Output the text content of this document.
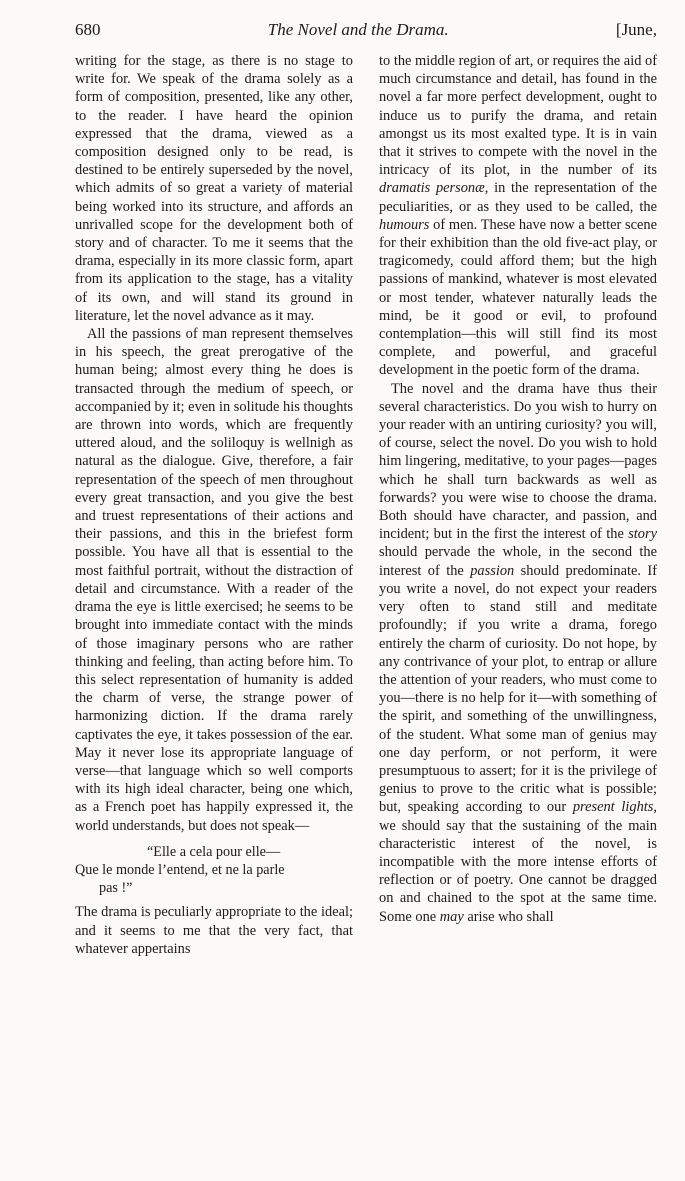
680	The Novel and the Drama.	[June,

writing for the stage, as there is no stage to write for. We speak of the drama solely as a form of composition, presented, like any other, to the reader. I have heard the opinion expressed that the drama, viewed as a composition designed only to be read, is destined to be entirely superseded by the novel, which admits of so great a variety of material being worked into its structure, and affords an unrivalled scope for the development both of story and of character. To me it seems that the drama, especially in its more classic form, apart from its application to the stage, has a vitality of its own, and will stand its ground in literature, let the novel advance as it may.

All the passions of man represent themselves in his speech, the great prerogative of the human being; almost every thing he does is transacted through the medium of speech, or accompanied by it; even in solitude his thoughts are thrown into words, which are frequently uttered aloud, and the soliloquy is wellnigh as natural as the dialogue. Give, therefore, a fair representation of the speech of men throughout every great transaction, and you give the best and truest representations of their actions and their passions, and this in the briefest form possible. You have all that is essential to the most faithful portrait, without the distraction of detail and circumstance. With a reader of the drama the eye is little exercised; he seems to be brought into immediate contact with the minds of those imaginary persons who are rather thinking and feeling, than acting before him. To this select representation of humanity is added the charm of verse, the strange power of harmonizing diction. If the drama rarely captivates the eye, it takes possession of the ear. May it never lose its appropriate language of verse—that language which so well comports with its high ideal character, being one which, as a French poet has happily expressed it, the world understands, but does not speak—

“Elle a cela pour elle—
Que le monde l’entend, et ne la parle
pas !”

The drama is peculiarly appropriate to the ideal; and it seems to me that the very fact, that whatever appertains

to the middle region of art, or requires the aid of much circumstance and detail, has found in the novel a far more perfect development, ought to induce us to purify the drama, and retain amongst us its most exalted type. It is in vain that it strives to compete with the novel in the intricacy of its plot, in the number of its dramatis personæ, in the representation of the peculiarities, or as they used to be called, the humours of men. These have now a better scene for their exhibition than the old five-act play, or tragicomedy, could afford them; but the high passions of mankind, whatever is most elevated or most tender, whatever naturally leads the mind, be it good or evil, to profound contemplation—this will still find its most complete, and powerful, and graceful development in the poetic form of the drama.

The novel and the drama have thus their several characteristics. Do you wish to hurry on your reader with an untiring curiosity? you will, of course, select the novel. Do you wish to hold him lingering, meditative, to your pages—pages which he shall turn backwards as well as forwards? you were wise to choose the drama. Both should have character, and passion, and incident; but in the first the interest of the story should pervade the whole, in the second the interest of the passion should predominate. If you write a novel, do not expect your readers very often to stand still and meditate profoundly; if you write a drama, forego entirely the charm of curiosity. Do not hope, by any contrivance of your plot, to entrap or allure the attention of your readers, who must come to you—there is no help for it—with something of the spirit, and something of the unwillingness, of the student. What some man of genius may one day perform, or not perform, it were presumptuous to assert; for it is the privilege of genius to prove to the critic what is possible; but, speaking according to our present lights, we should say that the sustaining of the main characteristic interest of the novel, is incompatible with the more intense efforts of reflection or of poetry. One cannot be dragged on and chained to the spot at the same time. Some one may arise who shall
